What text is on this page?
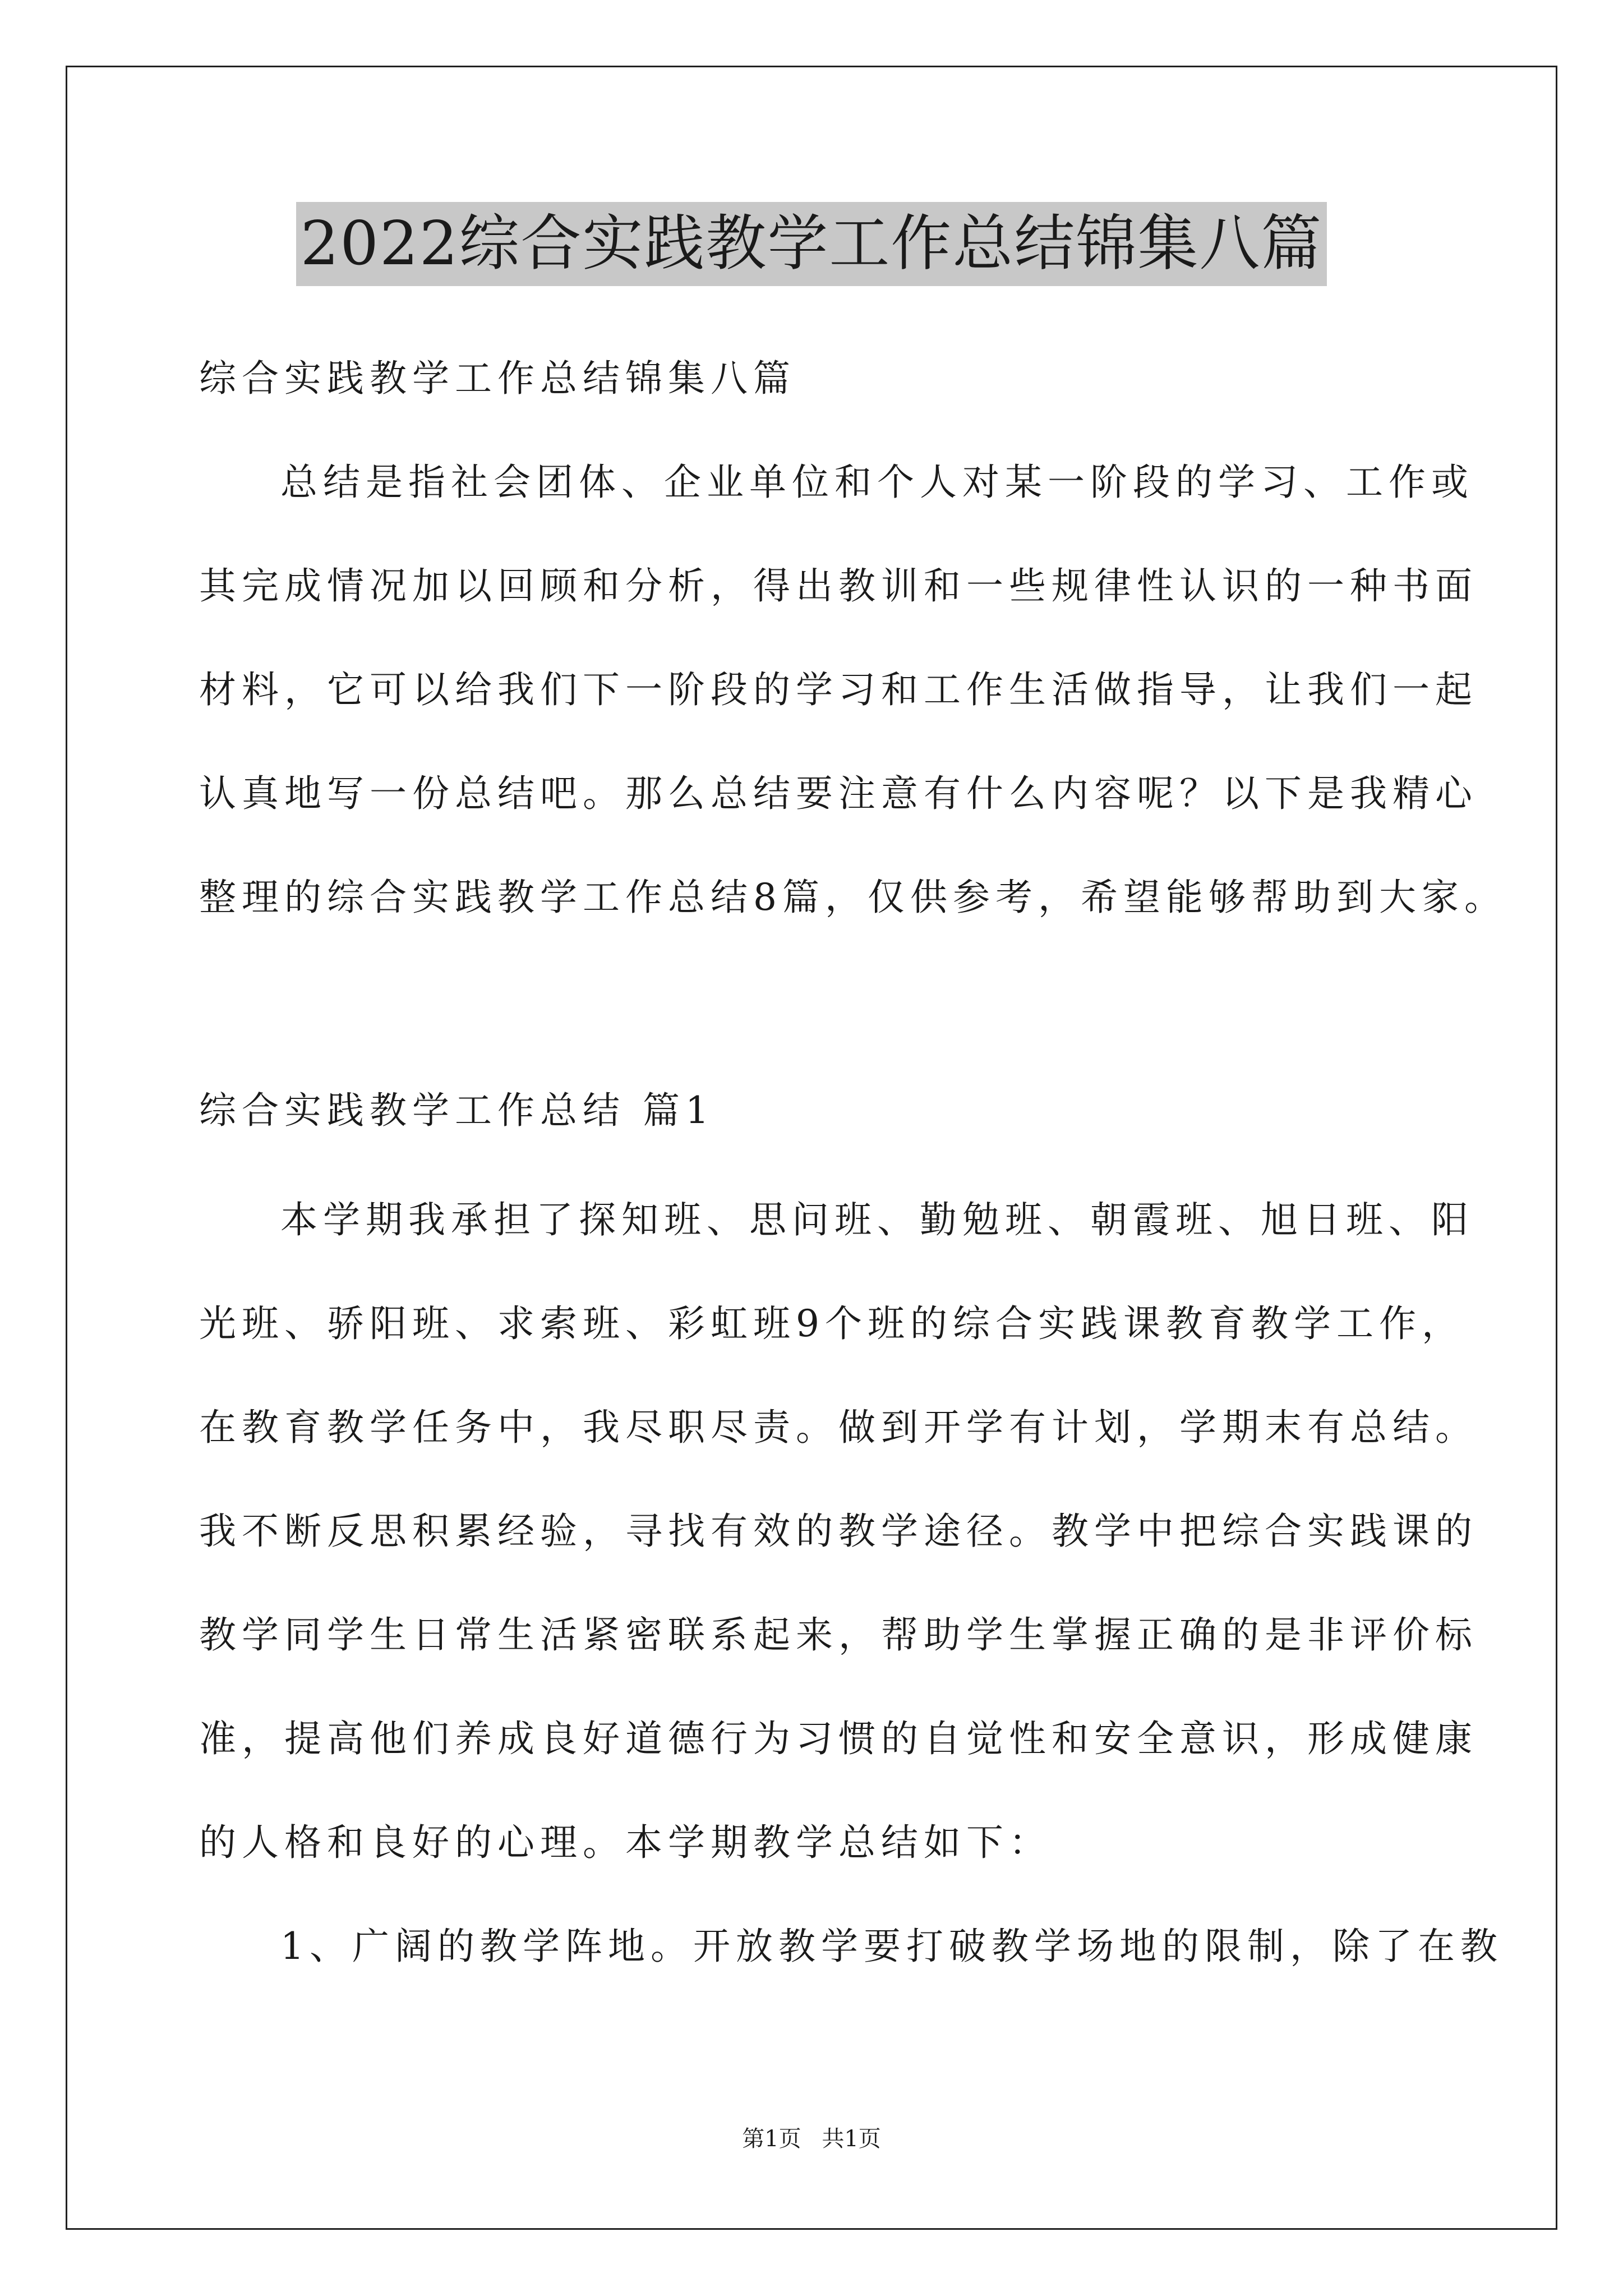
2022综合实践教学工作总结锦集八篇
综合实践教学工作总结锦集八篇
总结是指社会团体、企业单位和个人对某一阶段的学习、工作或
其完成情况加以回顾和分析，得出教训和一些规律性认识的一种书面
材料，它可以给我们下一阶段的学习和工作生活做指导，让我们一起
认真地写一份总结吧。那么总结要注意有什么内容呢？以下是我精心
整理的综合实践教学工作总结8篇，仅供参考，希望能够帮助到大家。
综合实践教学工作总结 篇1
本学期我承担了探知班、思问班、勤勉班、朝霞班、旭日班、阳
光班、骄阳班、求索班、彩虹班9个班的综合实践课教育教学工作，
在教育教学任务中，我尽职尽责。做到开学有计划，学期末有总结。
我不断反思积累经验，寻找有效的教学途径。教学中把综合实践课的
教学同学生日常生活紧密联系起来，帮助学生掌握正确的是非评价标
准，提高他们养成良好道德行为习惯的自觉性和安全意识，形成健康
的人格和良好的心理。本学期教学总结如下：
1、广阔的教学阵地。开放教学要打破教学场地的限制，除了在教
第1页 共1页
